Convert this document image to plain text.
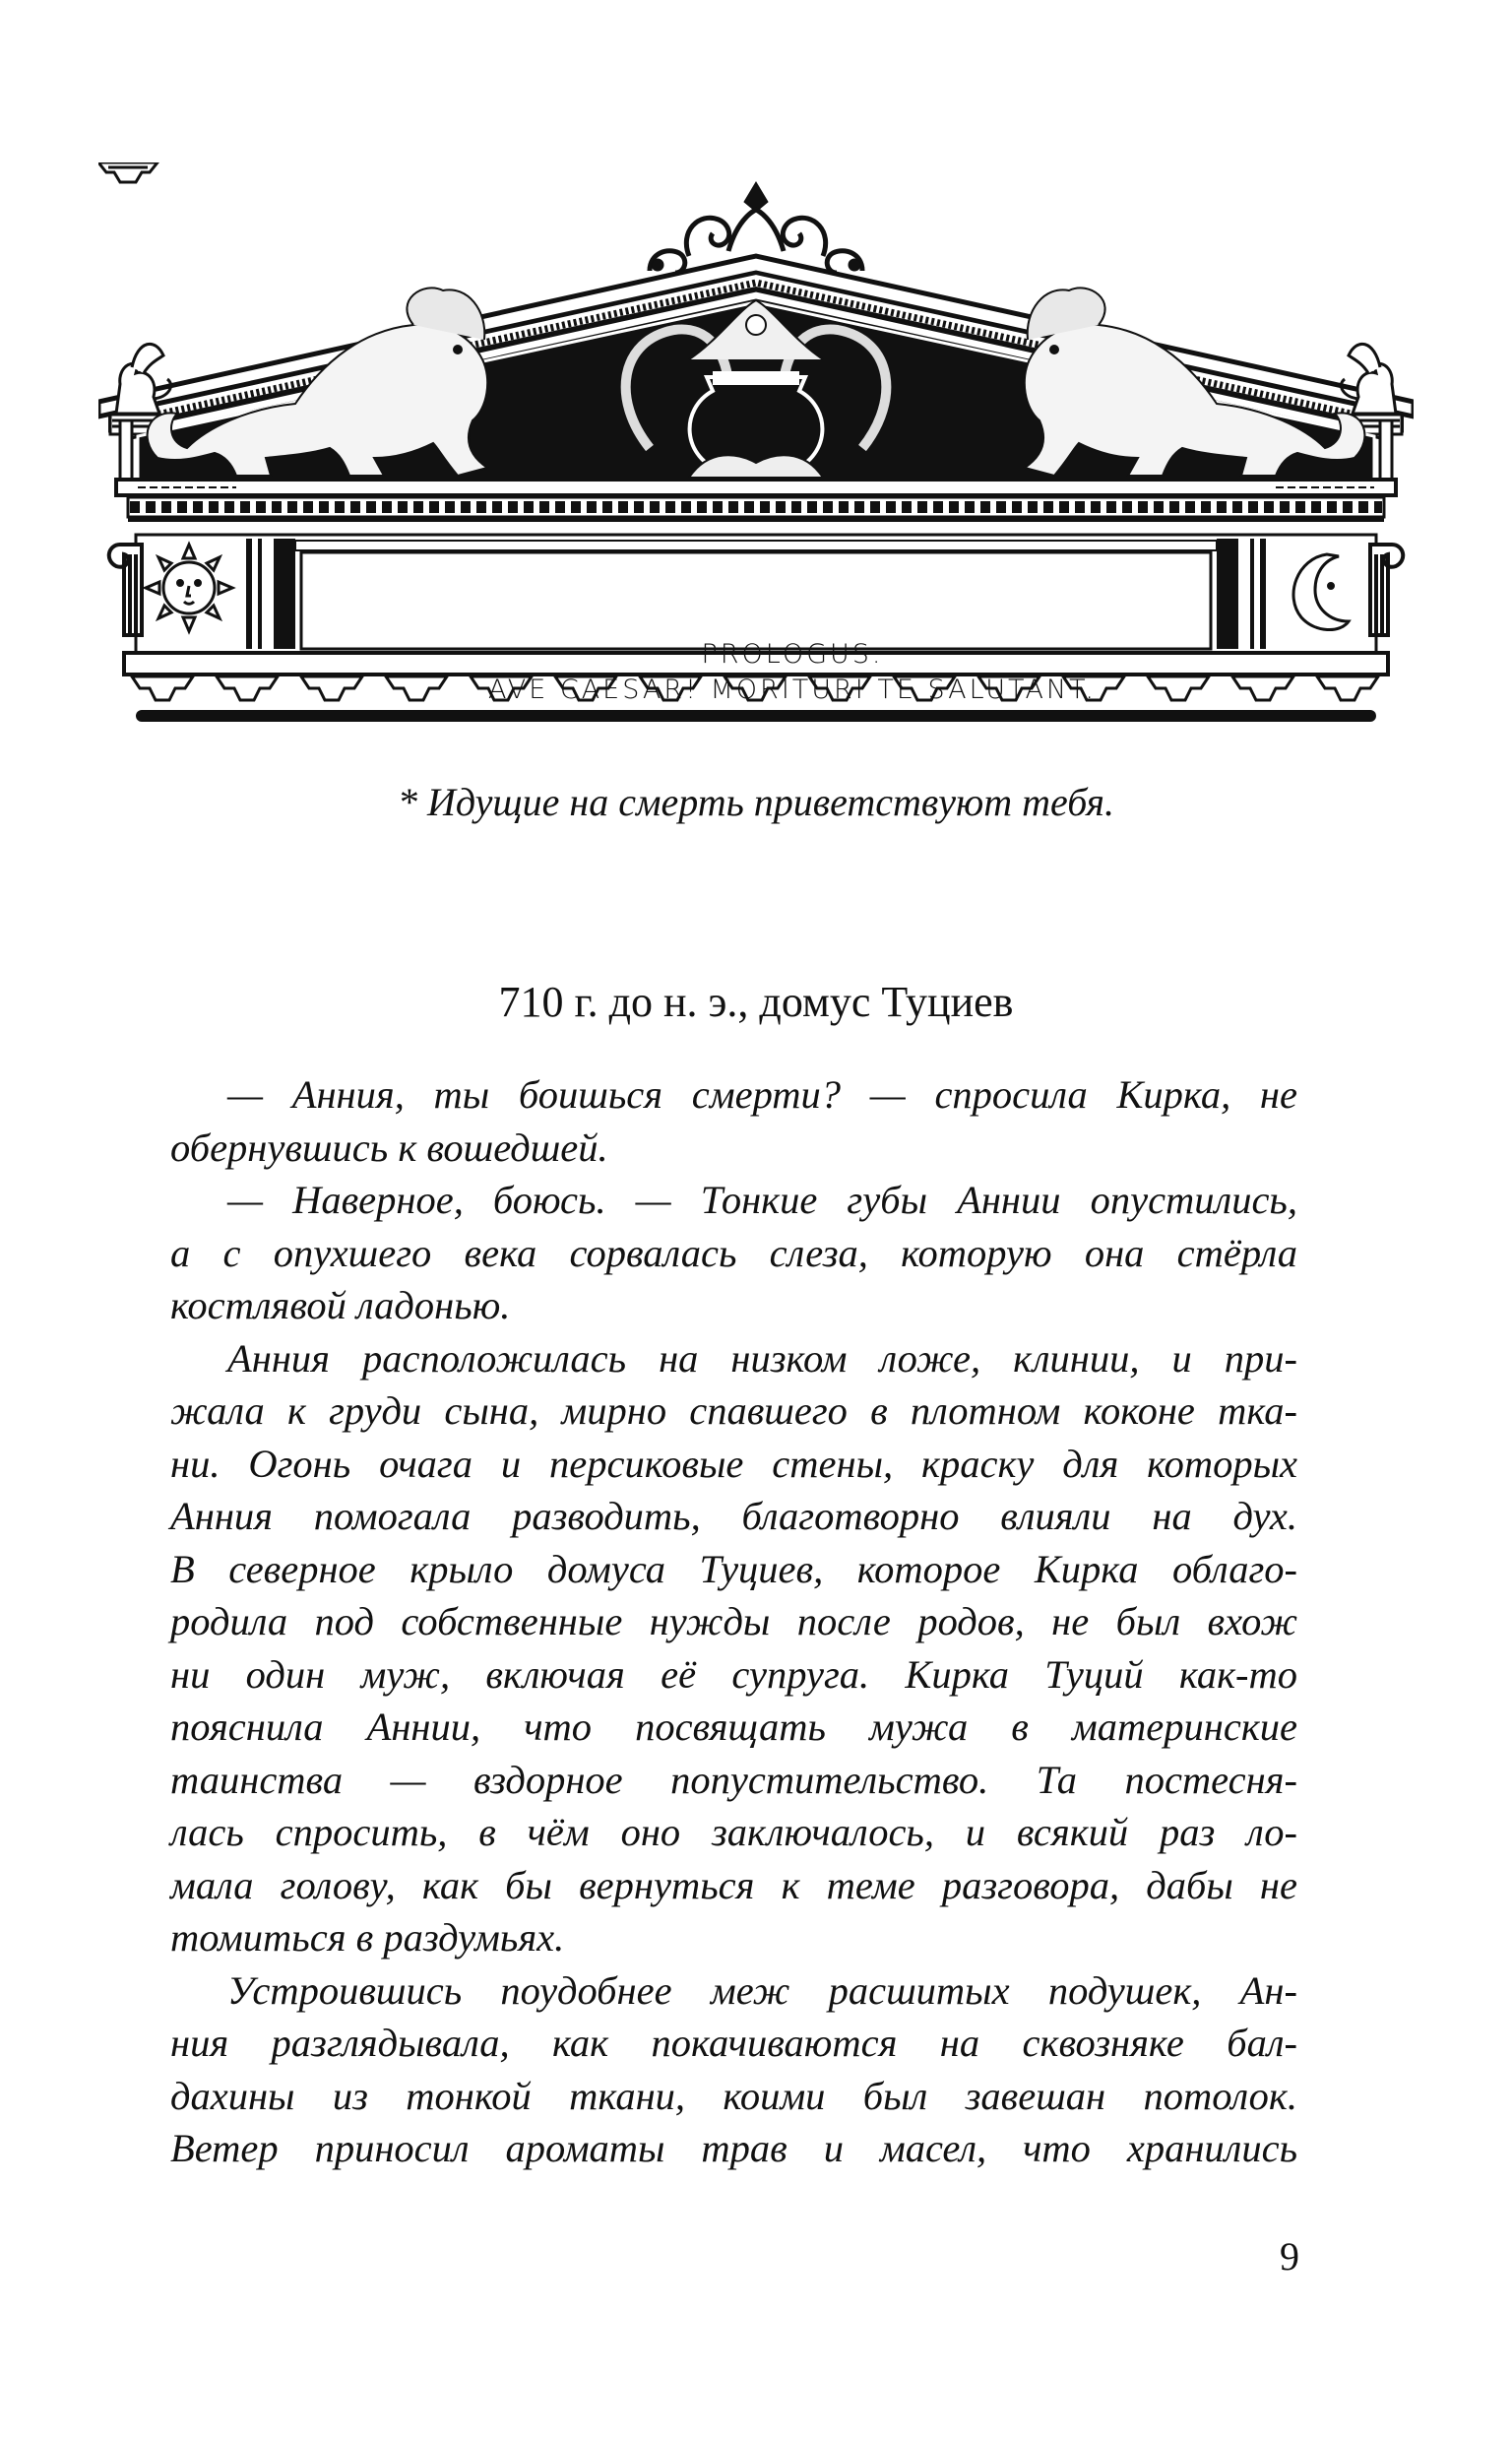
PROLOGUS.
AVE CAESAR! MORITURI TE SALUTANT.
* Идущие на смерть приветствуют тебя.
710 г. до н. э., домус Туциев
— Анния, ты боишься смерти? — спросила Кирка, не
обернувшись к вошедшей.
— Наверное, боюсь. — Тонкие губы Аннии опустились,
а с опухшего века сорвалась слеза, которую она стёрла
костлявой ладонью.
Анния расположилась на низком ложе, клинии, и при-
жала к груди сына, мирно спавшего в плотном коконе тка-
ни. Огонь очага и персиковые стены, краску для которых
Анния помогала разводить, благотворно влияли на дух.
В северное крыло домуса Туциев, которое Кирка облаго-
родила под собственные нужды после родов, не был вхож
ни один муж, включая её супруга. Кирка Туций как-то
пояснила Аннии, что посвящать мужа в материнские
таинства — вздорное попустительство. Та постесня-
лась спросить, в чём оно заключалось, и всякий раз ло-
мала голову, как бы вернуться к теме разговора, дабы не
томиться в раздумьях.
Устроившись поудобнее меж расшитых подушек, Ан-
ния разглядывала, как покачиваются на сквозняке бал-
дахины из тонкой ткани, коими был завешан потолок.
Ветер приносил ароматы трав и масел, что хранились
9
